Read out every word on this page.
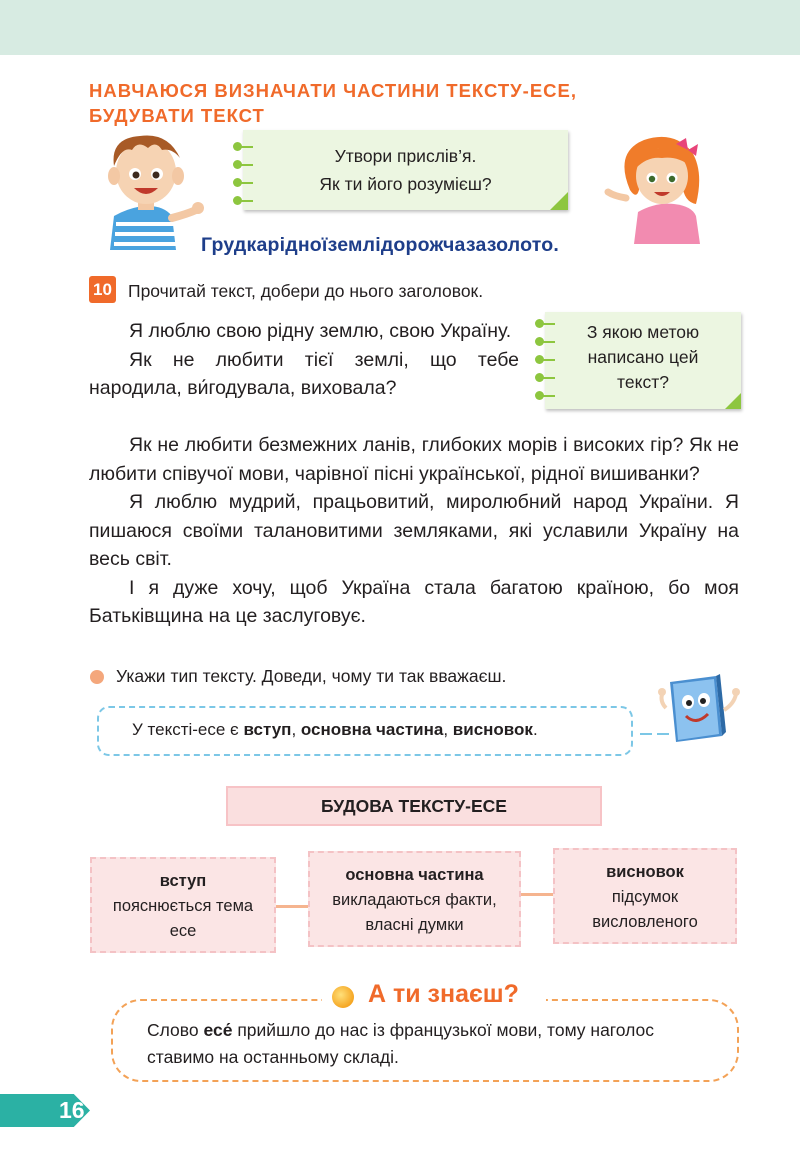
НАВЧАЮСЯ ВИЗНАЧАТИ ЧАСТИНИ ТЕКСТУ-ЕСЕ,
БУДУВАТИ ТЕКСТ
Утвори прислів’я.
Як ти його розумієш?
Грудкарідноїземлідорожчазазолото.
10 Прочитай текст, добери до нього заголовок.
З якою метою
написано цей
текст?

Я люблю свою рідну землю, свою Україну.

Як не любити тієї землі, що тебе народила, ви́годувала, виховала?

Як не любити безмежних ланів, глибоких морів і високих гір? Як не любити співучої мови, чарівної пісні української, рідної вишиванки?

Я люблю мудрий, працьовитий, миролюбний народ України. Я пишаюся своїми талановитими земляками, які уславили Україну на весь світ.

І я дуже хочу, щоб Україна стала багатою країною, бо моя Батьківщина на це заслуговує.

Укажи тип тексту. Доведи, чому ти так вважаєш.
У тексті-есе є вступ, основна частина, висновок.
БУДОВА ТЕКСТУ-ЕСЕ
вступ
пояснюється тема
есе
основна частина
викладаються факти,
власні думки
висновок
підсумок
висловленого
А ти знаєш?
Слово есе́ прийшло до нас із французької мови, тому наголос ставимо на останньому складі.
16
